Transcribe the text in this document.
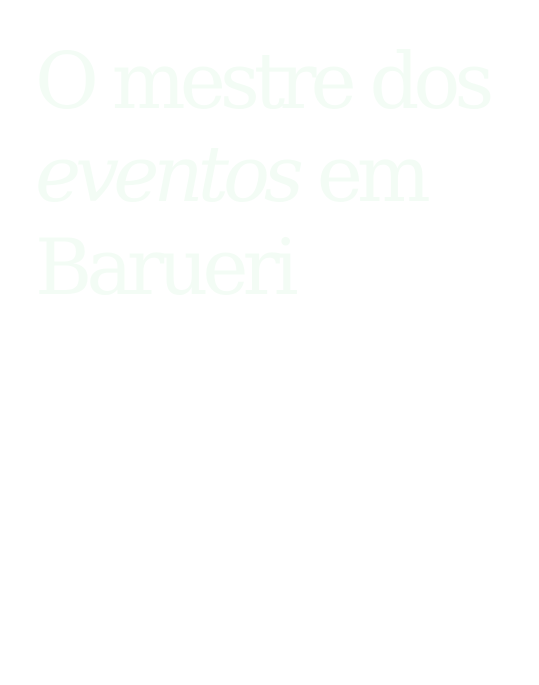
O mestre dos
eventos em
Barueri
